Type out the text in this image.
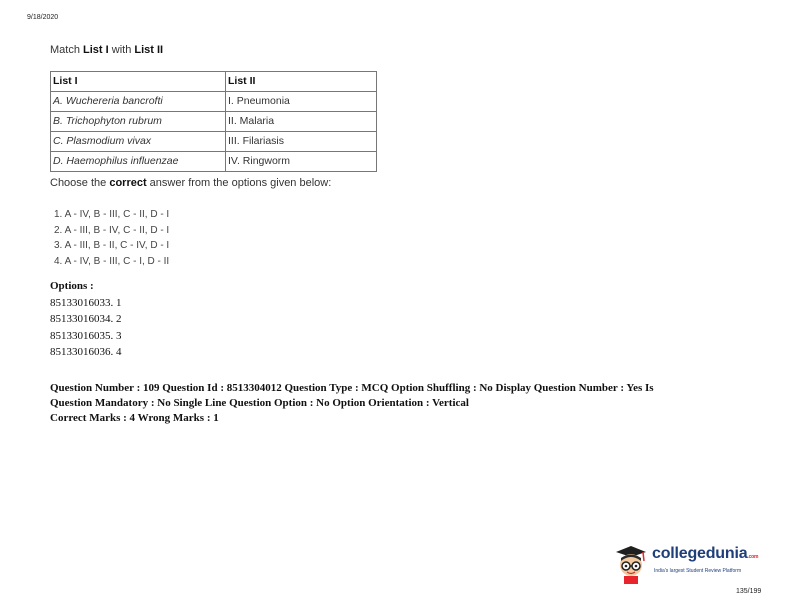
9/18/2020
Match List I with List II
List I	List II
A. Wuchereria bancrofti	I. Pneumonia
B. Trichophyton rubrum	II. Malaria
C. Plasmodium vivax	III. Filariasis
D. Haemophilus influenzae	IV. Ringworm
Choose the correct answer from the options given below:
1. A - IV, B - III, C - II, D - I
2. A - III, B - IV, C - II, D - I
3. A - III, B - II, C - IV, D - I
4. A - IV, B - III, C - I, D - II
Options :
85133016033. 1
85133016034. 2
85133016035. 3
85133016036. 4
Question Number : 109 Question Id : 8513304012 Question Type : MCQ Option Shuffling : No Display Question Number : Yes Is
Question Mandatory : No Single Line Question Option : No Option Orientation : Vertical
Correct Marks : 4 Wrong Marks : 1
collegedunia.com
India's largest Student Review Platform
135/199
